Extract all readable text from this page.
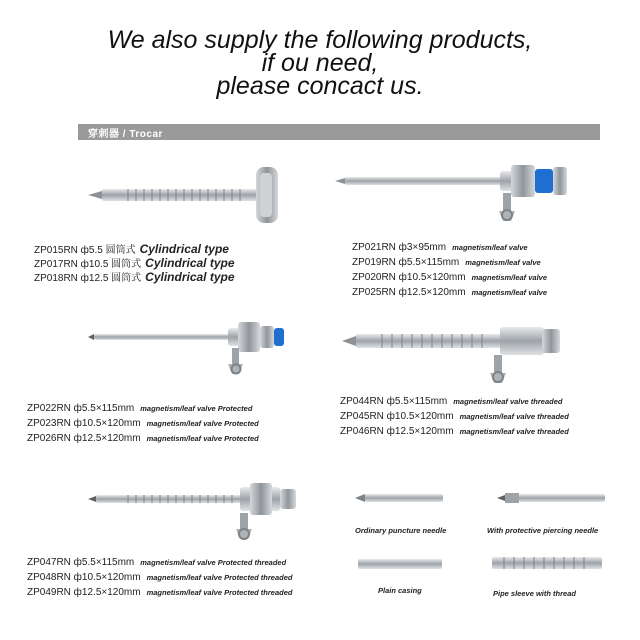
We also supply the following products,
if ou need,
please concact us.
穿刺器 / Trocar
ZP015RN ф5.5 圆筒式 Cylindrical type
ZP017RN ф10.5 圆筒式 Cylindrical type
ZP018RN ф12.5 圆筒式 Cylindrical type
ZP021RN ф3×95mm magnetism/leaf valve
ZP019RN ф5.5×115mm magnetism/leaf valve
ZP020RN ф10.5×120mm magnetism/leaf valve
ZP025RN ф12.5×120mm magnetism/leaf valve
ZP022RN ф5.5×115mm magnetism/leaf valve Protected
ZP023RN ф10.5×120mm magnetism/leaf valve Protected
ZP026RN ф12.5×120mm magnetism/leaf valve Protected
ZP044RN ф5.5×115mm magnetism/leaf valve threaded
ZP045RN ф10.5×120mm magnetism/leaf valve threaded
ZP046RN ф12.5×120mm magnetism/leaf valve threaded
ZP047RN ф5.5×115mm magnetism/leaf valve Protected threaded
ZP048RN ф10.5×120mm magnetism/leaf valve Protected threaded
ZP049RN ф12.5×120mm magnetism/leaf valve Protected threaded
Ordinary puncture needle	With protective piercing needle
Plain casing	Pipe sleeve with thread
